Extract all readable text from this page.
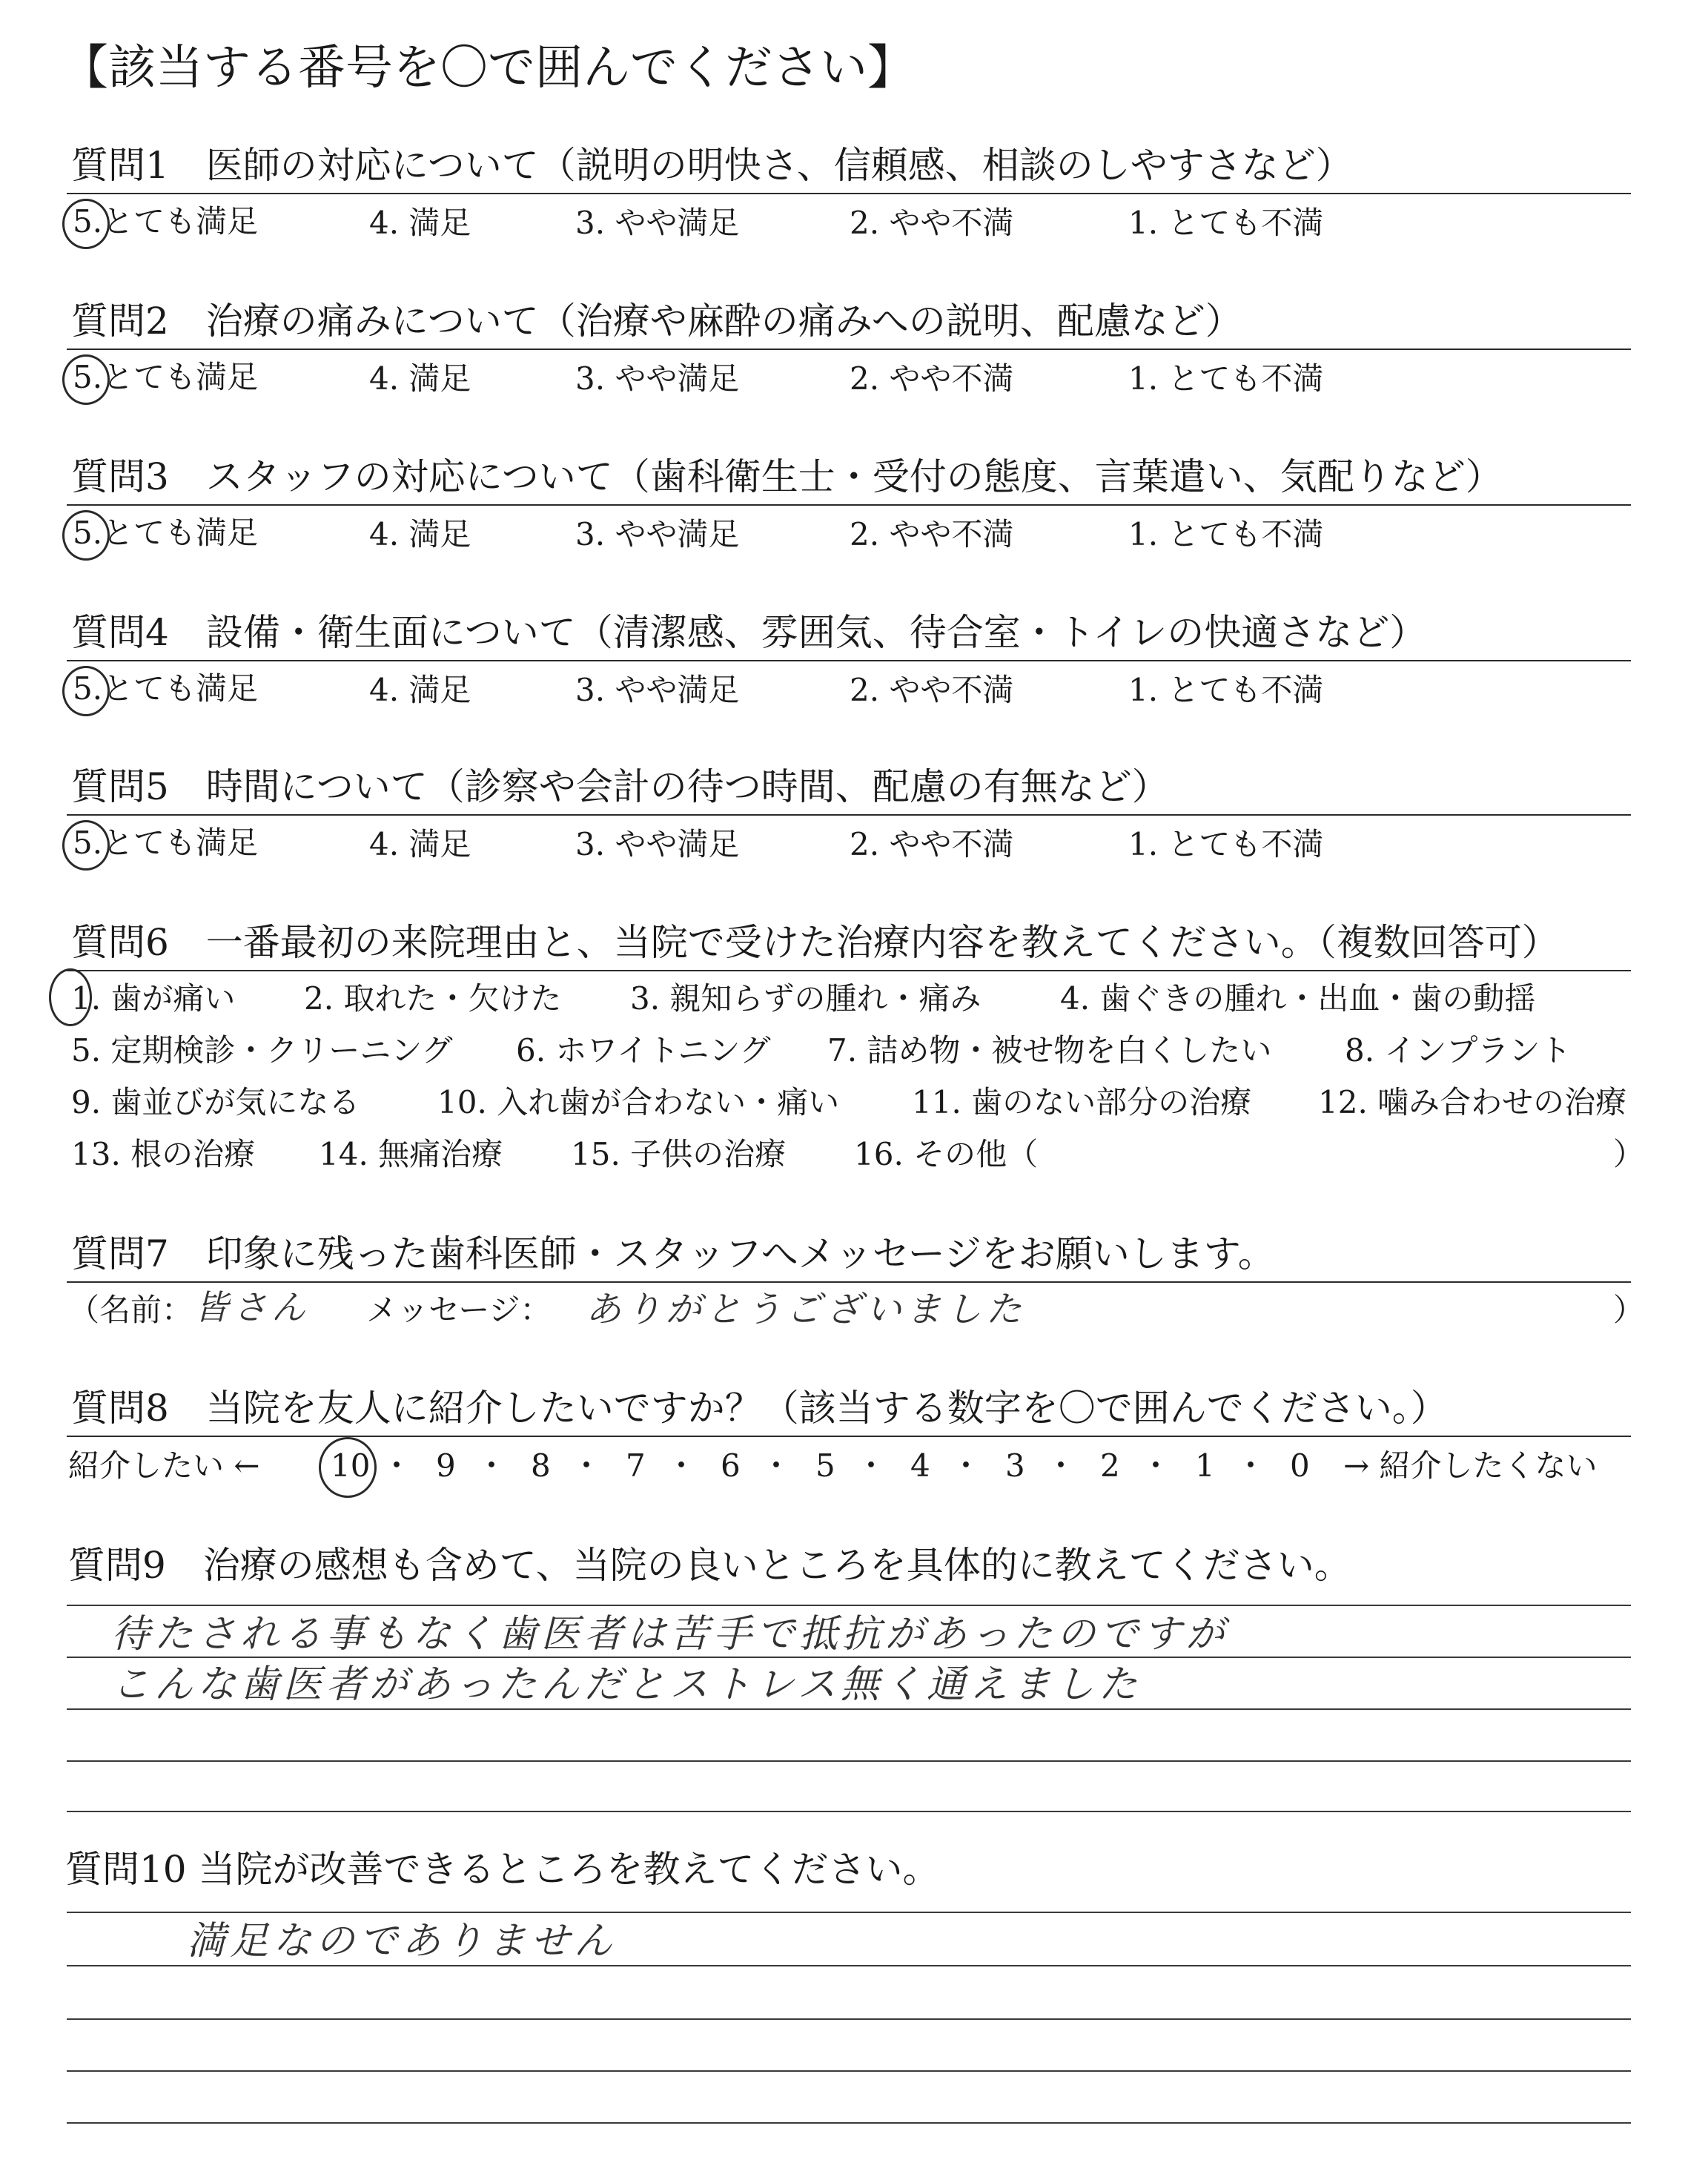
【該当する番号を〇で囲んでください】
質問1　医師の対応について（説明の明快さ、信頼感、相談のしやすさなど）
5.とても満足	4. 満足	3. やや満足	2. やや不満	1. とても不満
質問2　治療の痛みについて（治療や麻酔の痛みへの説明、配慮など）
5.とても満足	4. 満足	3. やや満足	2. やや不満	1. とても不満
質問3　スタッフの対応について（歯科衛生士・受付の態度、言葉遣い、気配りなど）
5.とても満足	4. 満足	3. やや満足	2. やや不満	1. とても不満
質問4　設備・衛生面について（清潔感、雰囲気、待合室・トイレの快適さなど）
5.とても満足	4. 満足	3. やや満足	2. やや不満	1. とても不満
質問5　時間について（診察や会計の待つ時間、配慮の有無など）
5.とても満足	4. 満足	3. やや満足	2. やや不満	1. とても不満
質問6　一番最初の来院理由と、当院で受けた治療内容を教えてください。（複数回答可）
1. 歯が痛い 2. 取れた・欠けた 3. 親知らずの腫れ・痛み	4. 歯ぐきの腫れ・出血・歯の動揺
5. 定期検診・クリーニング 6. ホワイトニング 7. 詰め物・被せ物を白くしたい 8. インプラント
9. 歯並びが気になる 10. 入れ歯が合わない・痛い 11. 歯のない部分の治療 12. 噛み合わせの治療
13. 根の治療 14. 無痛治療 15. 子供の治療 16. その他（	）
質問7　印象に残った歯科医師・スタッフへメッセージをお願いします。
（名前： 皆さん メッセージ： ありがとうございました	）
質問8　当院を友人に紹介したいですか？（該当する数字を〇で囲んでください。）
紹介したい ← 10 ・ 9 ・ 8 ・ 7 ・ 6 ・ 5 ・ 4 ・ 3 ・ 2 ・ 1 ・ 0 → 紹介したくない
質問9　治療の感想も含めて、当院の良いところを具体的に教えてください。
待たされる事もなく歯医者は苦手で抵抗があったのですが
こんな歯医者があったんだとストレス無く通えました
質問10 当院が改善できるところを教えてください。
満足なのでありません
